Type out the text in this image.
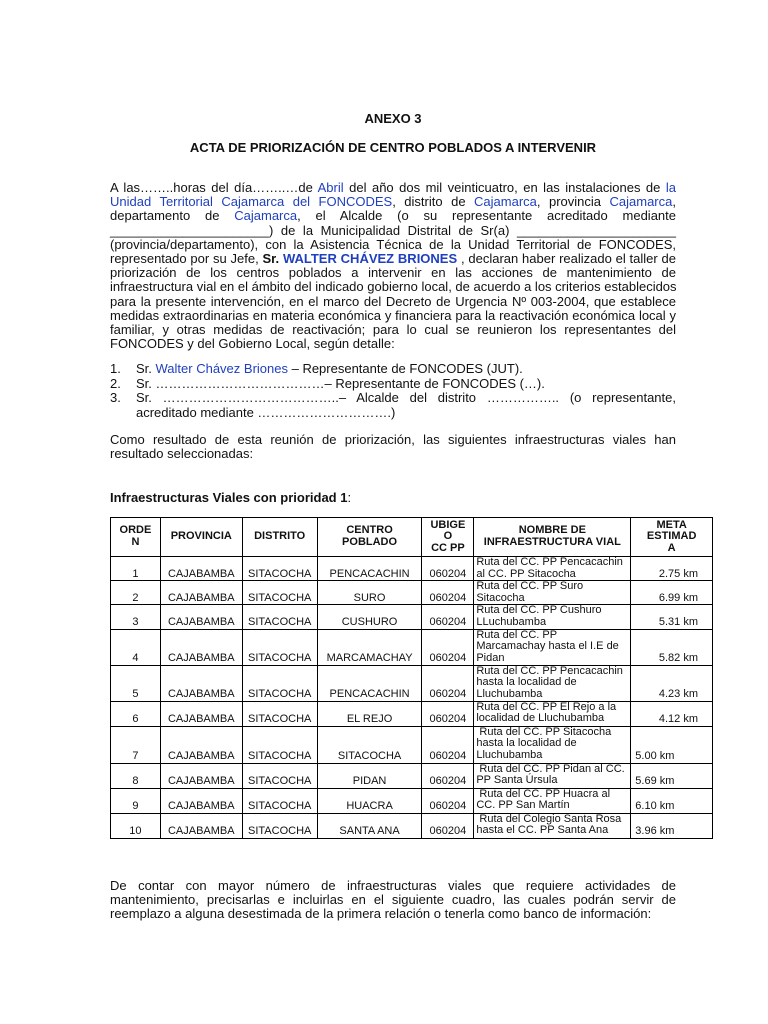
ANEXO 3
ACTA DE PRIORIZACIÓN DE CENTRO POBLADOS A INTERVENIR

A las……..horas del día……..…de Abril del año dos mil veinticuatro, en las instalaciones de la
Unidad Territorial Cajamarca del FONCODES, distrito de Cajamarca, provincia Cajamarca,
departamento de Cajamarca, el Alcalde (o su representante acreditado mediante
______________________) de la Municipalidad Distrital de Sr(a) ______________________
(provincia/departamento), con la Asistencia Técnica de la Unidad Territorial de FONCODES,
representado por su Jefe, Sr. WALTER CHÁVEZ BRIONES , declaran haber realizado el taller de
priorización de los centros poblados a intervenir en las acciones de mantenimiento de
infraestructura vial en el ámbito del indicado gobierno local, de acuerdo a los criterios establecidos
para la presente intervención, en el marco del Decreto de Urgencia Nº 003-2004, que establece
medidas extraordinarias en materia económica y financiera para la reactivación económica local y
familiar, y otras medidas de reactivación; para lo cual se reunieron los representantes del
FONCODES y del Gobierno Local, según detalle:

1. Sr. Walter Chávez Briones – Representante de FONCODES (JUT).
2. Sr. …………………………………– Representante de FONCODES (…).
3. Sr. …………………………………..– Alcalde del distrito …………….. (o representante,
acreditado mediante ………………………….)

Como resultado de esta reunión de priorización, las siguientes infraestructuras viales han
resultado seleccionadas:

Infraestructuras Viales con prioridad 1:
ORDE
N	PROVINCIA	DISTRITO	CENTRO
POBLADO	UBIGE
O
CC PP	NOMBRE DE
INFRAESTRUCTURA VIAL	META
ESTIMAD
A
1	CAJABAMBA	SITACOCHA	PENCACACHIN	060204	Ruta del CC. PP Pencacachin
al CC. PP Sitacocha	2.75 km
2	CAJABAMBA	SITACOCHA	SURO	060204	Ruta del CC. PP Suro
Sitacocha	6.99 km
3	CAJABAMBA	SITACOCHA	CUSHURO	060204	Ruta del CC. PP Cushuro
LLuchubamba	5.31 km
4	CAJABAMBA	SITACOCHA	MARCAMACHAY	060204	Ruta del CC. PP
Marcamachay hasta el I.E de
Pidan	5.82 km
5	CAJABAMBA	SITACOCHA	PENCACACHIN	060204	Ruta del CC. PP Pencacachin
hasta la localidad de
Lluchubamba	4.23 km
6	CAJABAMBA	SITACOCHA	EL REJO	060204	Ruta del CC. PP El Rejo a la
localidad de Lluchubamba	4.12 km
7	CAJABAMBA	SITACOCHA	SITACOCHA	060204	Ruta del CC. PP Sitacocha
hasta la localidad de
Lluchubamba	5.00 km
8	CAJABAMBA	SITACOCHA	PIDAN	060204	Ruta del CC. PP Pidan al CC.
PP Santa Úrsula	5.69 km
9	CAJABAMBA	SITACOCHA	HUACRA	060204	Ruta del CC. PP Huacra al
CC. PP San Martín	6.10 km
10	CAJABAMBA	SITACOCHA	SANTA ANA	060204	Ruta del Colegio Santa Rosa
hasta el CC. PP Santa Ana	3.96 km

De contar con mayor número de infraestructuras viales que requiere actividades de
mantenimiento, precisarlas e incluirlas en el siguiente cuadro, las cuales podrán servir de
reemplazo a alguna desestimada de la primera relación o tenerla como banco de información:
